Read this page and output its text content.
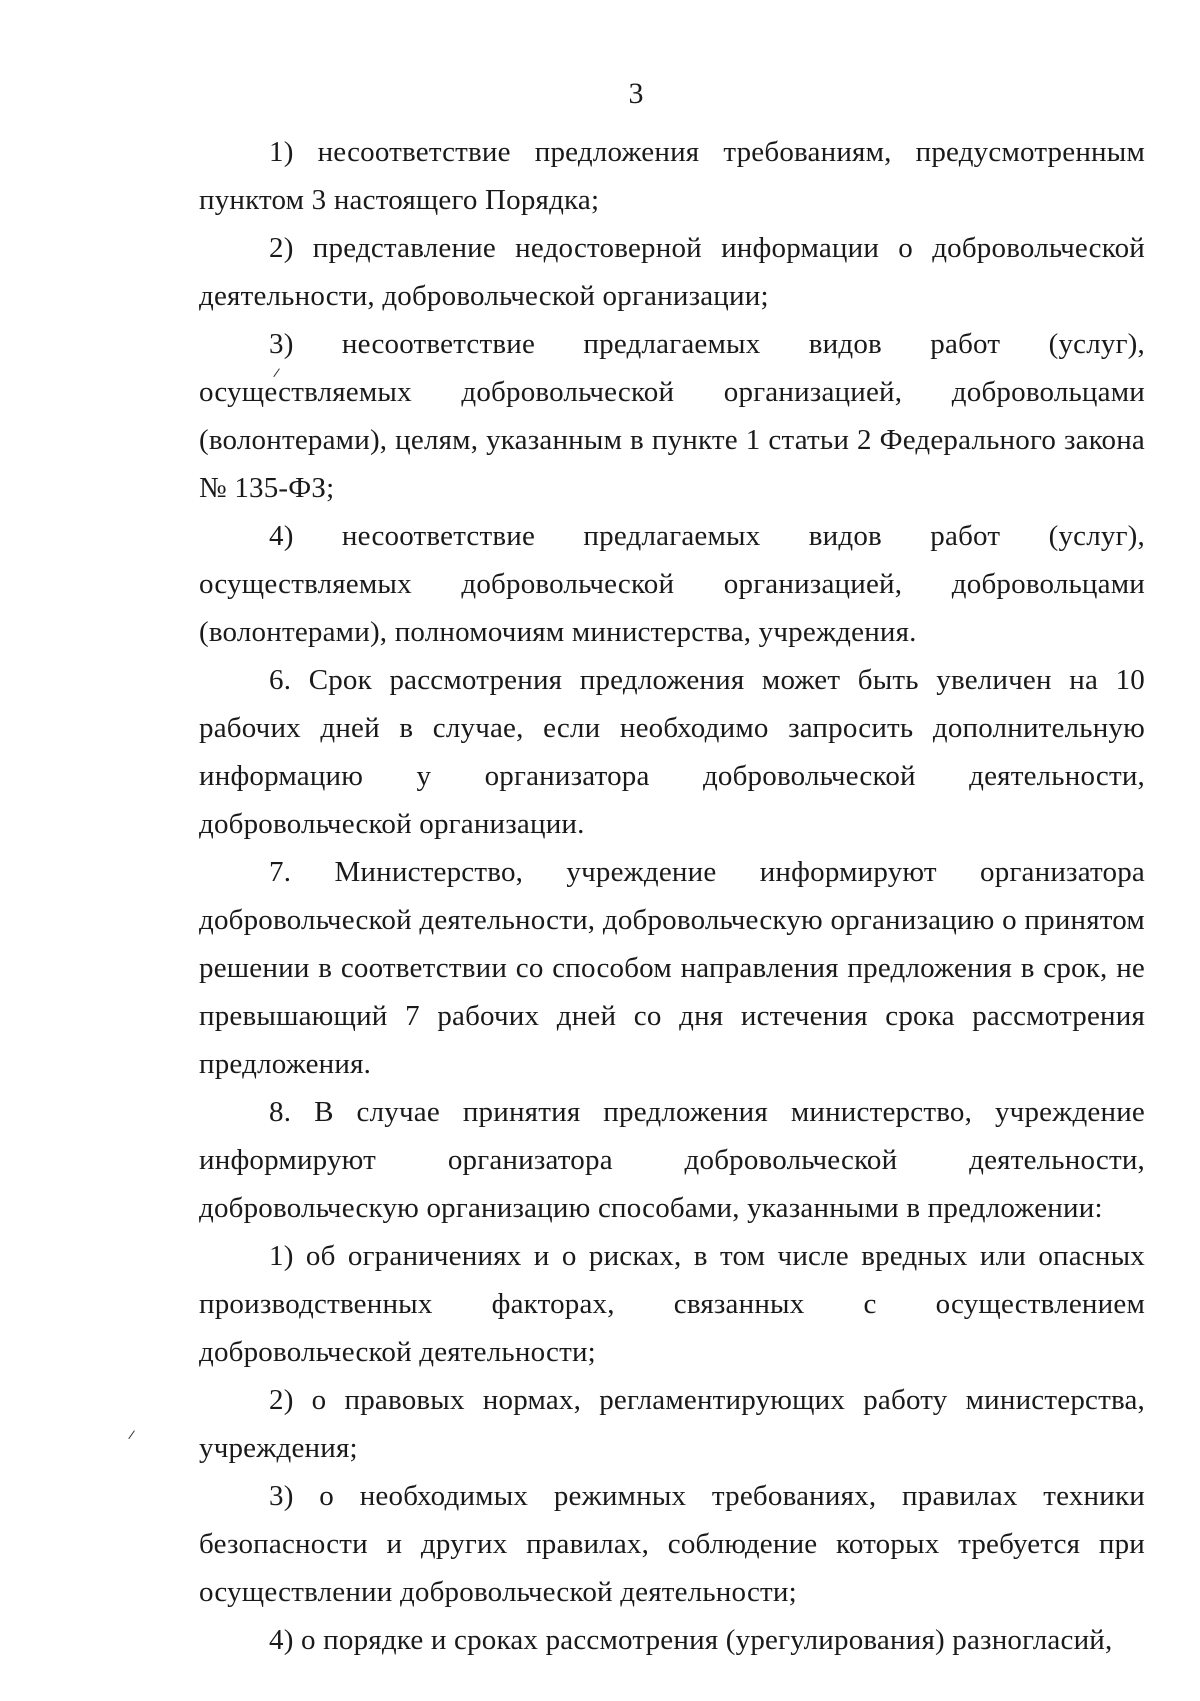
3

1) несоответствие предложения требованиям, предусмотренным пунктом 3 настоящего Порядка;

2) представление недостоверной информации о добровольческой деятельности, добровольческой организации;

3) несоответствие предлагаемых видов работ (услуг), осуществляемых добровольческой организацией, добровольцами (волонтерами), целям, указанным в пункте 1 статьи 2 Федерального закона № 135-ФЗ;

4) несоответствие предлагаемых видов работ (услуг), осуществляемых добровольческой организацией, добровольцами (волонтерами), полномочиям министерства, учреждения.

6. Срок рассмотрения предложения может быть увеличен на 10 рабочих дней в случае, если необходимо запросить дополнительную информацию у организатора добровольческой деятельности, добровольческой организации.

7. Министерство, учреждение информируют организатора добровольческой деятельности, добровольческую организацию о принятом решении в соответствии со способом направления предложения в срок, не превышающий 7 рабочих дней со дня истечения срока рассмотрения предложения.

8. В случае принятия предложения министерство, учреждение информируют организатора добровольческой деятельности, добровольческую организацию способами, указанными в предложении:

1) об ограничениях и о рисках, в том числе вредных или опасных производственных факторах, связанных с осуществлением добровольческой деятельности;

2) о правовых нормах, регламентирующих работу министерства, учреждения;

3) о необходимых режимных требованиях, правилах техники безопасности и других правилах, соблюдение которых требуется при осуществлении добровольческой деятельности;

4) о порядке и сроках рассмотрения (урегулирования) разногласий,
